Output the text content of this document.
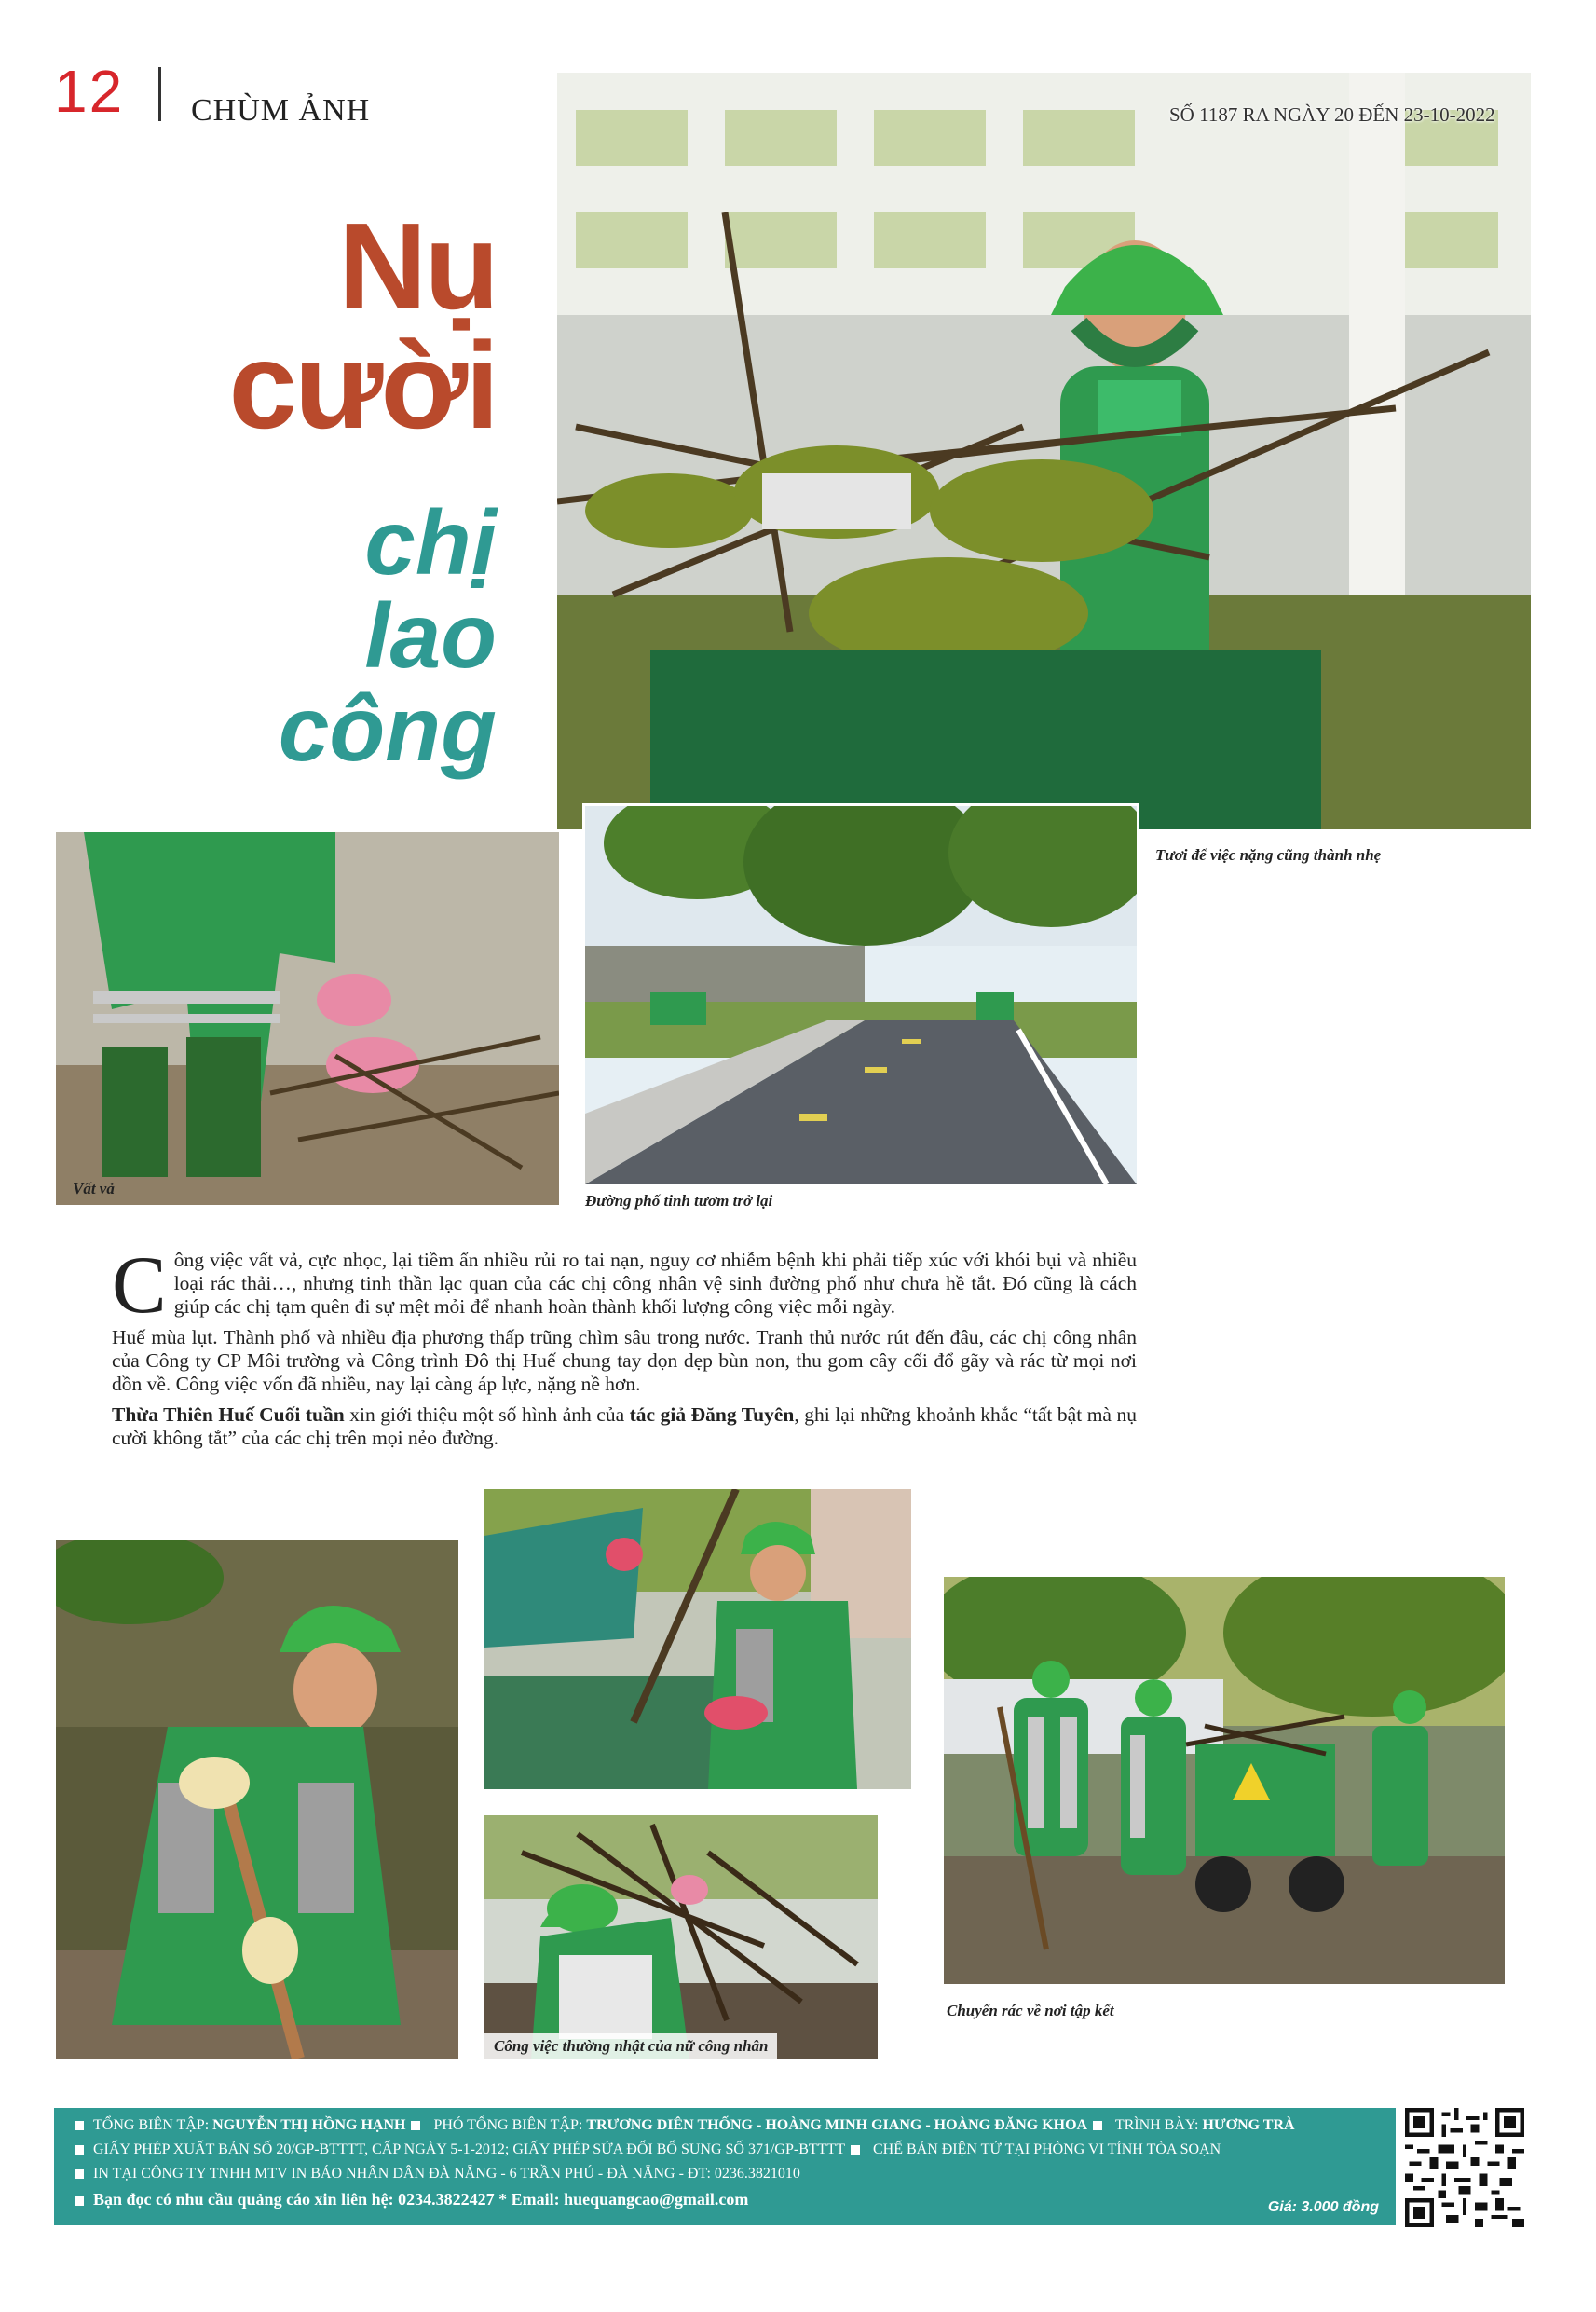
12 CHÙM ẢNH	SỐ 1187 RA NGÀY 20 ĐẾN 23-10-2022
Nụ
cười
chị
lao
công
Tươi để việc nặng cũng thành nhẹ
Vất vả
Đường phố tinh tươm trở lại

Công việc vất vả, cực nhọc, lại tiềm ẩn nhiều rủi ro tai nạn, nguy cơ nhiễm bệnh khi phải tiếp xúc với khói bụi và nhiều loại rác thải…, nhưng tinh thần lạc quan của các chị công nhân vệ sinh đường phố như chưa hề tắt. Đó cũng là cách giúp các chị tạm quên đi sự mệt mỏi để nhanh hoàn thành khối lượng công việc mỗi ngày.

Huế mùa lụt. Thành phố và nhiều địa phương thấp trũng chìm sâu trong nước. Tranh thủ nước rút đến đâu, các chị công nhân của Công ty CP Môi trường và Công trình Đô thị Huế chung tay dọn dẹp bùn non, thu gom cây cối đổ gãy và rác từ mọi nơi dồn về. Công việc vốn đã nhiều, nay lại càng áp lực, nặng nề hơn.

Thừa Thiên Huế Cuối tuần xin giới thiệu một số hình ảnh của tác giả Đăng Tuyên, ghi lại những khoảnh khắc “tất bật mà nụ cười không tắt” của các chị trên mọi nẻo đường.

Công việc thường nhật của nữ công nhân
Chuyển rác về nơi tập kết
TỔNG BIÊN TẬP: NGUYỄN THỊ HỒNG HẠNH PHÓ TỔNG BIÊN TẬP: TRƯƠNG DIÊN THỐNG - HOÀNG MINH GIANG - HOÀNG ĐĂNG KHOA TRÌNH BÀY: HƯƠNG TRÀ
GIẤY PHÉP XUẤT BẢN SỐ 20/GP-BTTTT, CẤP NGÀY 5-1-2012; GIẤY PHÉP SỬA ĐỔI BỔ SUNG SỐ 371/GP-BTTTT CHẾ BẢN ĐIỆN TỬ TẠI PHÒNG VI TÍNH TÒA SOẠN
IN TẠI CÔNG TY TNHH MTV IN BÁO NHÂN DÂN ĐÀ NẴNG - 6 TRẦN PHÚ - ĐÀ NẴNG - ĐT: 0236.3821010
Bạn đọc có nhu cầu quảng cáo xin liên hệ: 0234.3822427 * Email: huequangcao@gmail.com	Giá: 3.000 đồng
